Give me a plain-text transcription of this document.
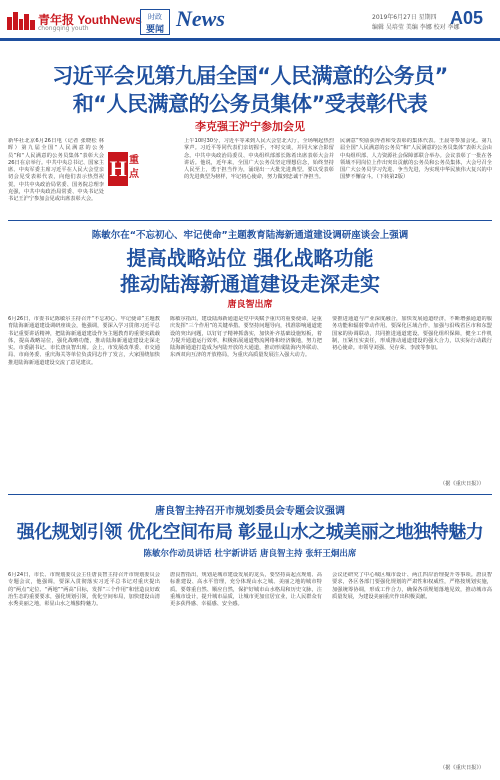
青年报 YouthNews
chongqing youth
时政
要闻 News	2019年6月27日 星期四
编辑 吴培莹 美编 李娜 校对 李娜
A05
习近平会见第九届全国“人民满意的公务员”
和“人民满意的公务员集体”受表彰代表
李克强王沪宁参加会见
新华社北京6月26日电（记者 张晓松 林晖）第九届全国“人民满意的公务员”和“人民满意的公务员集体”表彰大会26日在京举行。中共中央总书记、国家主席、中央军委主席习近平在人民大会堂亲切会见受表彰代表，向他们表示热烈祝贺。中共中央政治局常委、国务院总理李克强，中共中央政治局常委、中央书记处书记王沪宁参加会见或出席表彰大会。
H 重点
上午10时30分，习近平等来到人民大会堂北大厅，全场响起热烈掌声。习近平等同代表们亲切握手，不时交谈，并同大家合影留念。中共中央政治局委员、中央组织部部长陈希出席表彰大会并讲话。他说，近年来，全国广大公务员坚定理想信念，始终坚持人民至上，勇于担当作为，涌现出一大批先进典型。要以受表彰的先进典型为榜样，牢记初心使命，努力做到忠诚干净担当。
民满意”奖励获得者和受表彰的集体代表。王晨等参加会见。第九届全国“人民满意的公务员”和“人民满意的公务员集体”表彰大会由中央组织部、人力资源社会保障部联合举办。会议表彰了一批在各领域不同岗位上作出突出贡献的公务员和公务员集体，大会号召全国广大公务员学习先进、争当先进，为实现中华民族伟大复兴的中国梦不懈奋斗。（下转第2版）
陈敏尔在“不忘初心、牢记使命”主题教育陆海新通道建设调研座谈会上强调
提高战略站位 强化战略功能
推动陆海新通道建设走深走实
唐良智出席
6月26日，市委书记陈敏尔主持召开“不忘初心、牢记使命”主题教育陆海新通道建设调研座谈会，他强调，要深入学习贯彻习近平总书记重要讲话精神，把陆海新通道建设作为主题教育的重要实践载体，提高战略站位，强化战略功能，推动陆海新通道建设走深走实。市委副书记、市长唐良智出席。会上，市发展改革委、市交通局、市商务委、重庆海关等单位负责同志作了发言，大家围绕加快推进陆海新通道建设交流了意见建议。
陈敏尔指出，建设陆海新通道是党中央赋予重庆的重要使命，是重庆发挥“三个作用”的关键举措。要坚持问题导向，找准影响通道建设的突出问题，以钉钉子精神抓落实，加快补齐基础设施短板，着力提升通道运行效率，积极拓展通道物流网络和经济腹地，努力把陆海新通道打造成为内陆开放的大通道，推动形成陆海内外联动、东西双向互济的开放格局，为重庆高质量发展注入强大动力。
要推进通道与产业深度融合，加快发展通道经济，不断增强通道的服务功能和辐射带动作用。要深化区域合作，加强与沿线省区市和东盟国家的协调联动，共同推进通道建设。要强化组织保障，健全工作机制，压紧压实责任，形成推动通道建设的强大合力，以实际行动践行初心使命。市领导刘强、吴存荣、李波等参加。
（据《重庆日报》）
唐良智主持召开市规划委员会专题会议强调
强化规划引领 优化空间布局 彰显山水之城美丽之地独特魅力
陈敏尔作动员讲话 杜宇新讲话 唐良智主持 张轩王炯出席
6月24日，市长、市规划委员会主任唐良智主持召开市规划委员会专题会议，他强调，要深入贯彻落实习近平总书记对重庆提出的“两点”定位、“两地”“两高”目标，发挥“三个作用”和营造良好政治生态的重要要求，强化规划引领，优化空间布局，加快建设山清水秀美丽之地，彰显山水之城独特魅力。
唐良智指出，规划是城市建设发展的龙头，要坚持高起点规划、高标准建设、高水平管理，充分体现山水之城、美丽之地的城市特质。要尊重自然、顺应自然，保护好城市山水格局和历史文脉，注重城市设计，提升城市品质，让城市更加宜居宜业，让人民群众有更多获得感、幸福感、安全感。
会议还研究了中心城区城市设计、两江四岸治理提升等事项。唐良智要求，各区各部门要强化规划的严肃性和权威性，严格按规划实施，加强统筹协调，形成工作合力，确保各项规划落地见效，推动城市高质量发展，为建设美丽重庆作出积极贡献。
（据《重庆日报》）
